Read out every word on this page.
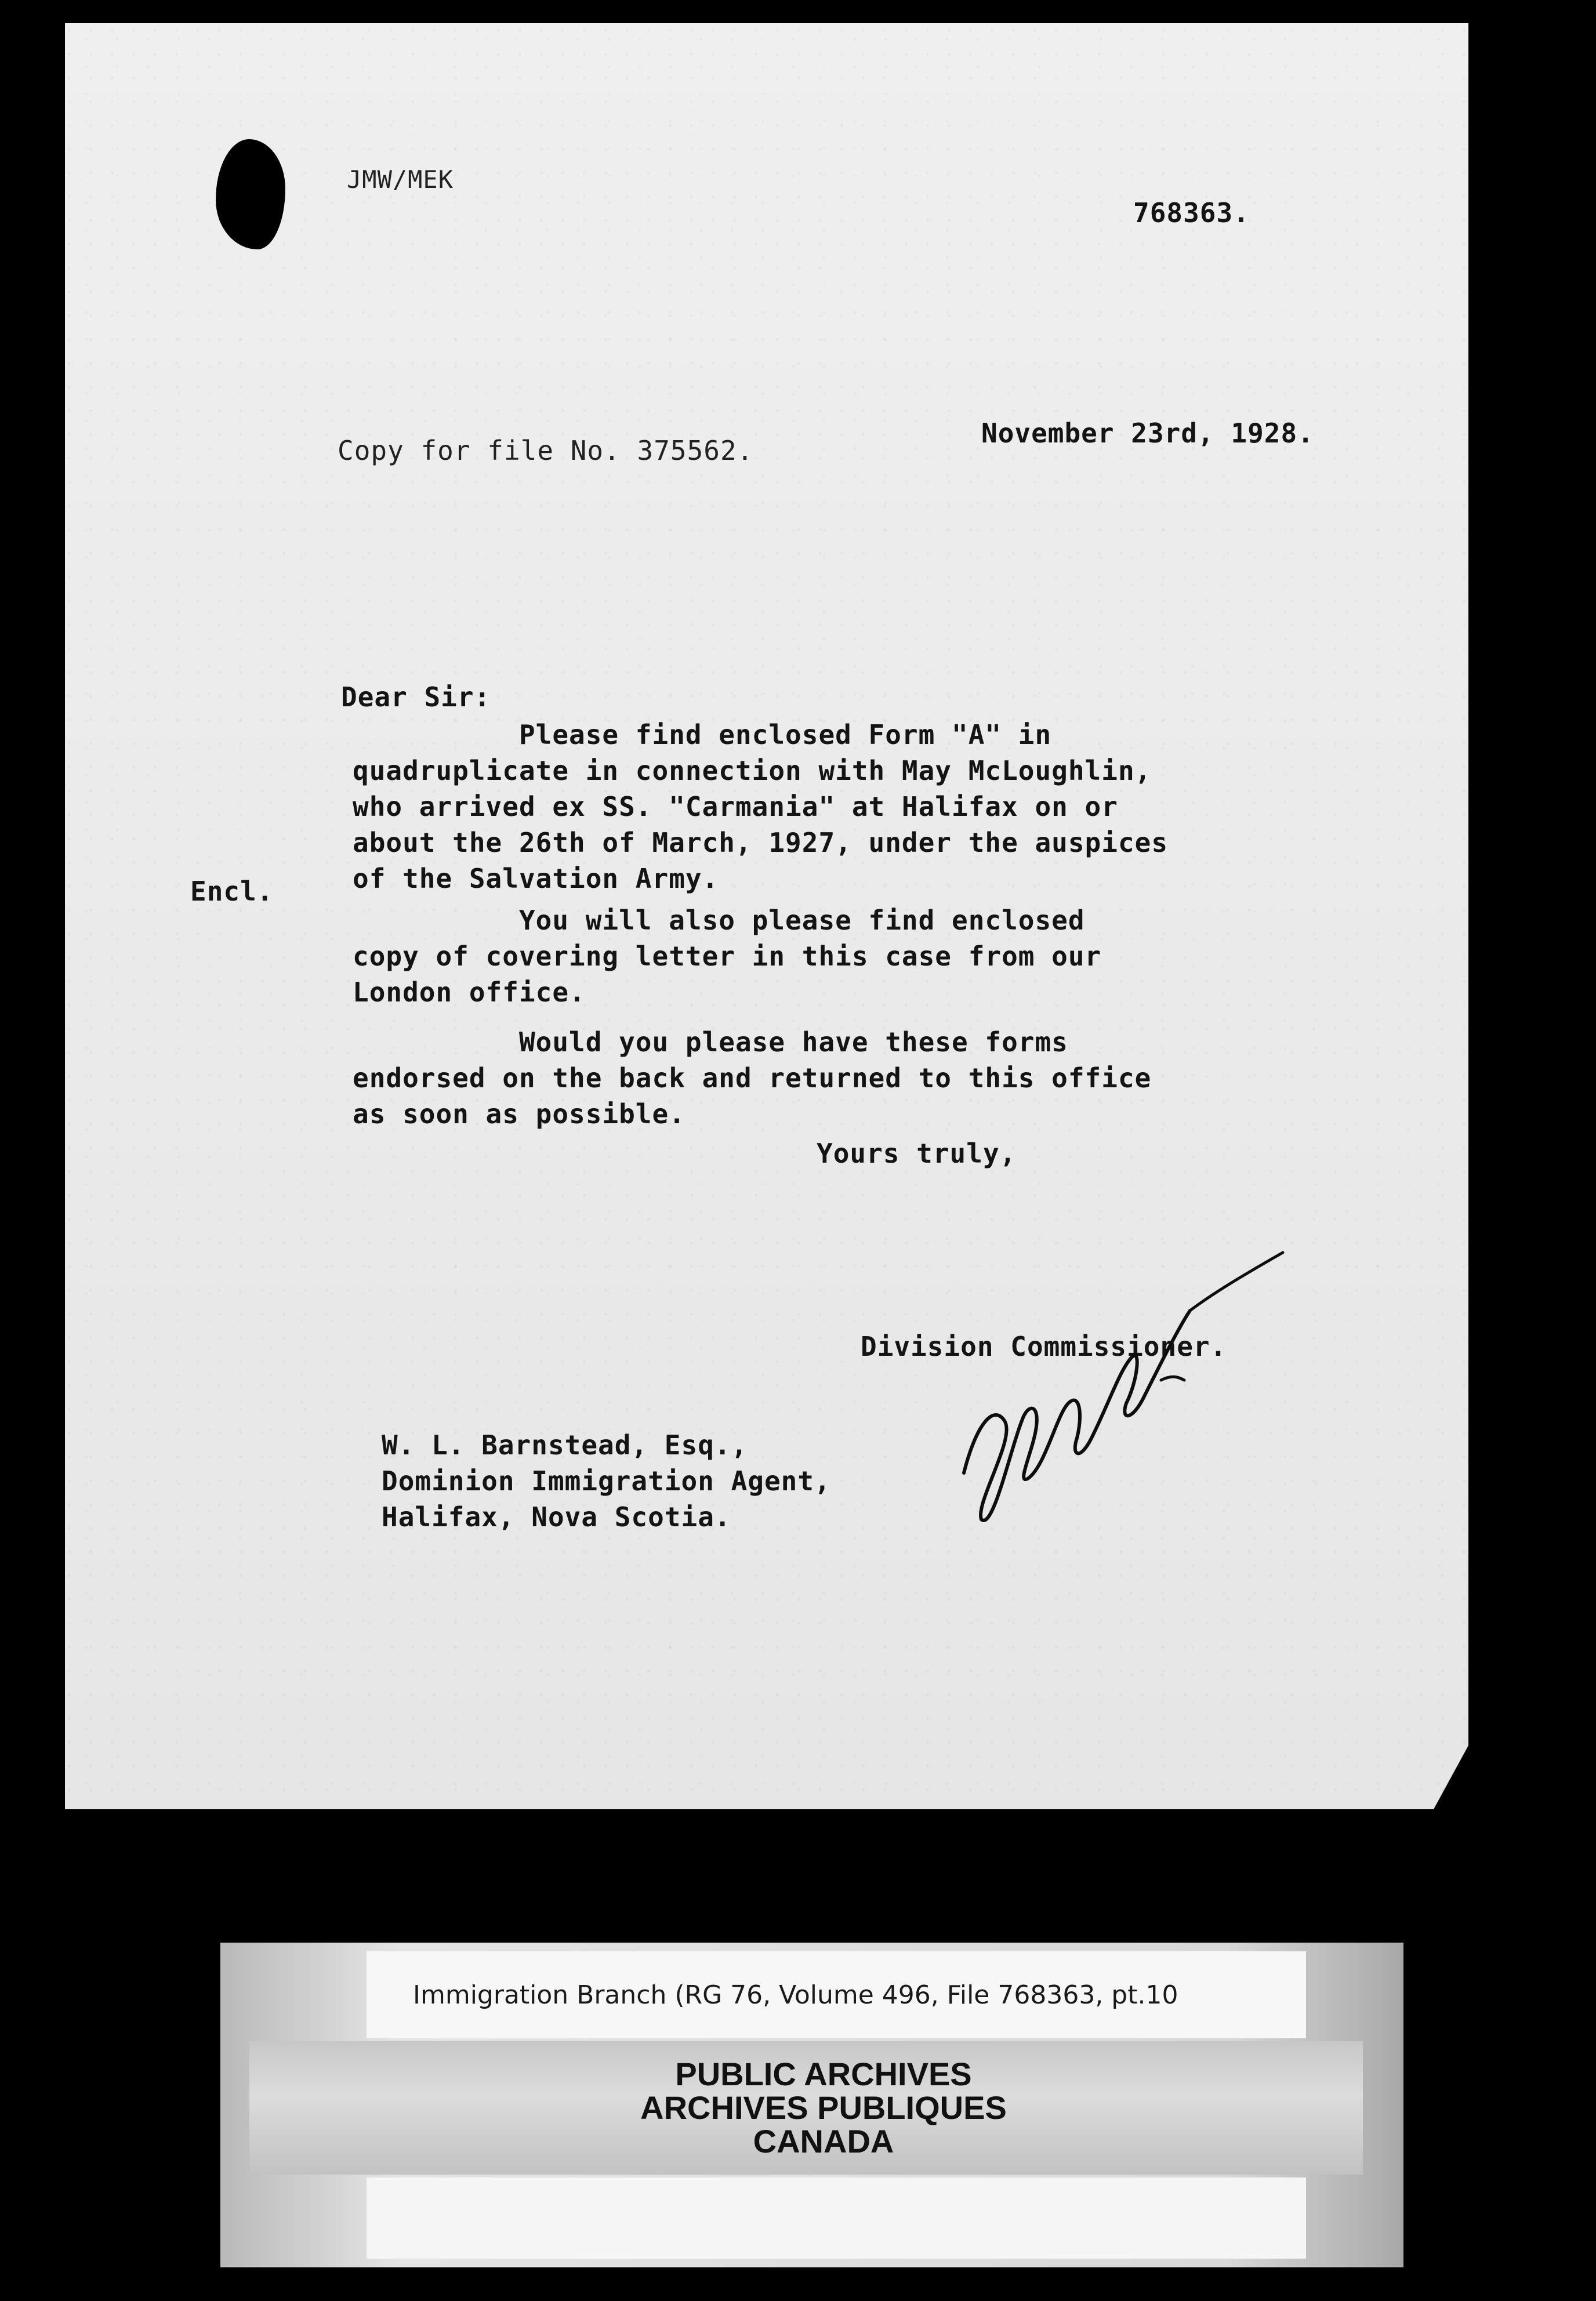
JMW/MEK
768363.
Copy for file No. 375562.
November 23rd, 1928.
Dear Sir:
Please find enclosed Form "A" in
quadruplicate in connection with May McLoughlin,
who arrived ex SS. "Carmania" at Halifax on or
about the 26th of March, 1927, under the auspices
of the Salvation Army.
Encl.
You will also please find enclosed
copy of covering letter in this case from our
London office.
Would you please have these forms
endorsed on the back and returned to this office
as soon as possible.
Yours truly,
Division Commissioner.
W. L. Barnstead, Esq.,
Dominion Immigration Agent,
Halifax, Nova Scotia.
Immigration Branch (RG 76, Volume 496, File 768363, pt.10
PUBLIC ARCHIVES
ARCHIVES PUBLIQUES
CANADA
